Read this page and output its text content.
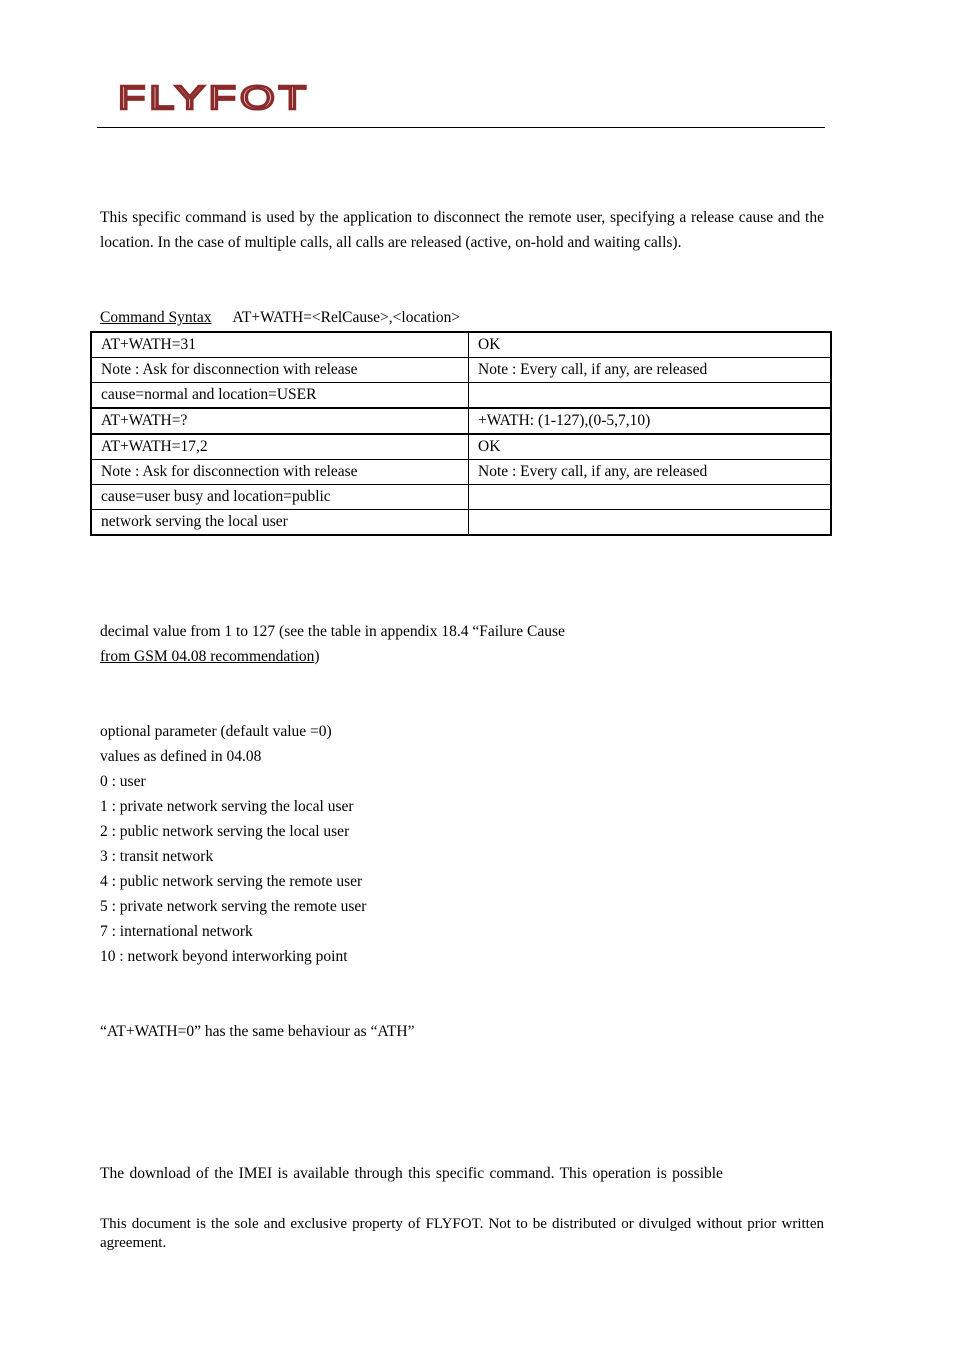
FLYFOT
This specific command is used by the application to disconnect the remote user, specifying a release cause and the location. In the case of multiple calls, all calls are released (active, on-hold and waiting calls).
Command Syntax AT+WATH=<RelCause>,<location>
AT+WATH=31	OK
Note : Ask for disconnection with release	Note : Every call, if any, are released
cause=normal and location=USER	
AT+WATH=?	+WATH: (1-127),(0-5,7,10)
AT+WATH=17,2	OK
Note : Ask for disconnection with release	Note : Every call, if any, are released
cause=user busy and location=public	
network serving the local user	
decimal value from 1 to 127 (see the table in appendix 18.4 “Failure Cause
from GSM 04.08 recommendation)
optional parameter (default value =0)
values as defined in 04.08
0 : user
1 : private network serving the local user
2 : public network serving the local user
3 : transit network
4 : public network serving the remote user
5 : private network serving the remote user
7 : international network
10 : network beyond interworking point
“AT+WATH=0” has the same behaviour as “ATH”
The download of the IMEI is available through this specific command. This operation is possible
This document is the sole and exclusive property of FLYFOT. Not to be distributed or divulged without prior written agreement.
